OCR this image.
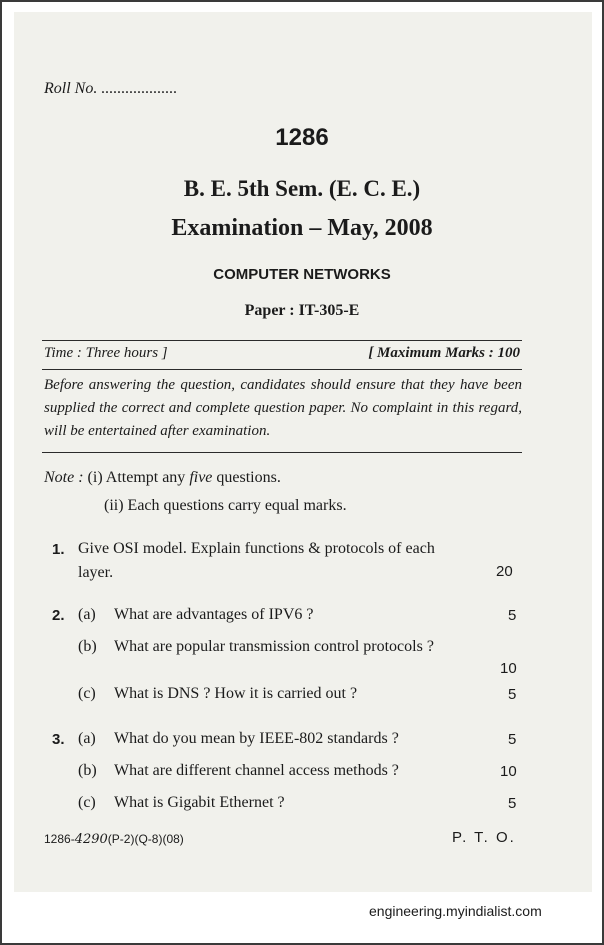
Roll No. ...................
1286
B. E. 5th Sem. (E. C. E.)
Examination – May, 2008
COMPUTER NETWORKS
Paper : IT-305-E
Time : Three hours ]	[ Maximum Marks : 100
Before answering the question, candidates should ensure that they have been supplied the correct and complete question paper. No complaint in this regard, will be entertained after examination.
Note : (i) Attempt any five questions.
(ii) Each questions carry equal marks.
1. Give OSI model. Explain functions & protocols of each
layer.	20
2. (a) What are advantages of IPV6 ?	5
(b) What are popular transmission control protocols ?
10
(c) What is DNS ? How it is carried out ?	5
3. (a) What do you mean by IEEE-802 standards ?	5
(b) What are different channel access methods ?	10
(c) What is Gigabit Ethernet ?	5
1286-4290(P-2)(Q-8)(08)	P. T. O.
engineering.myindialist.com
